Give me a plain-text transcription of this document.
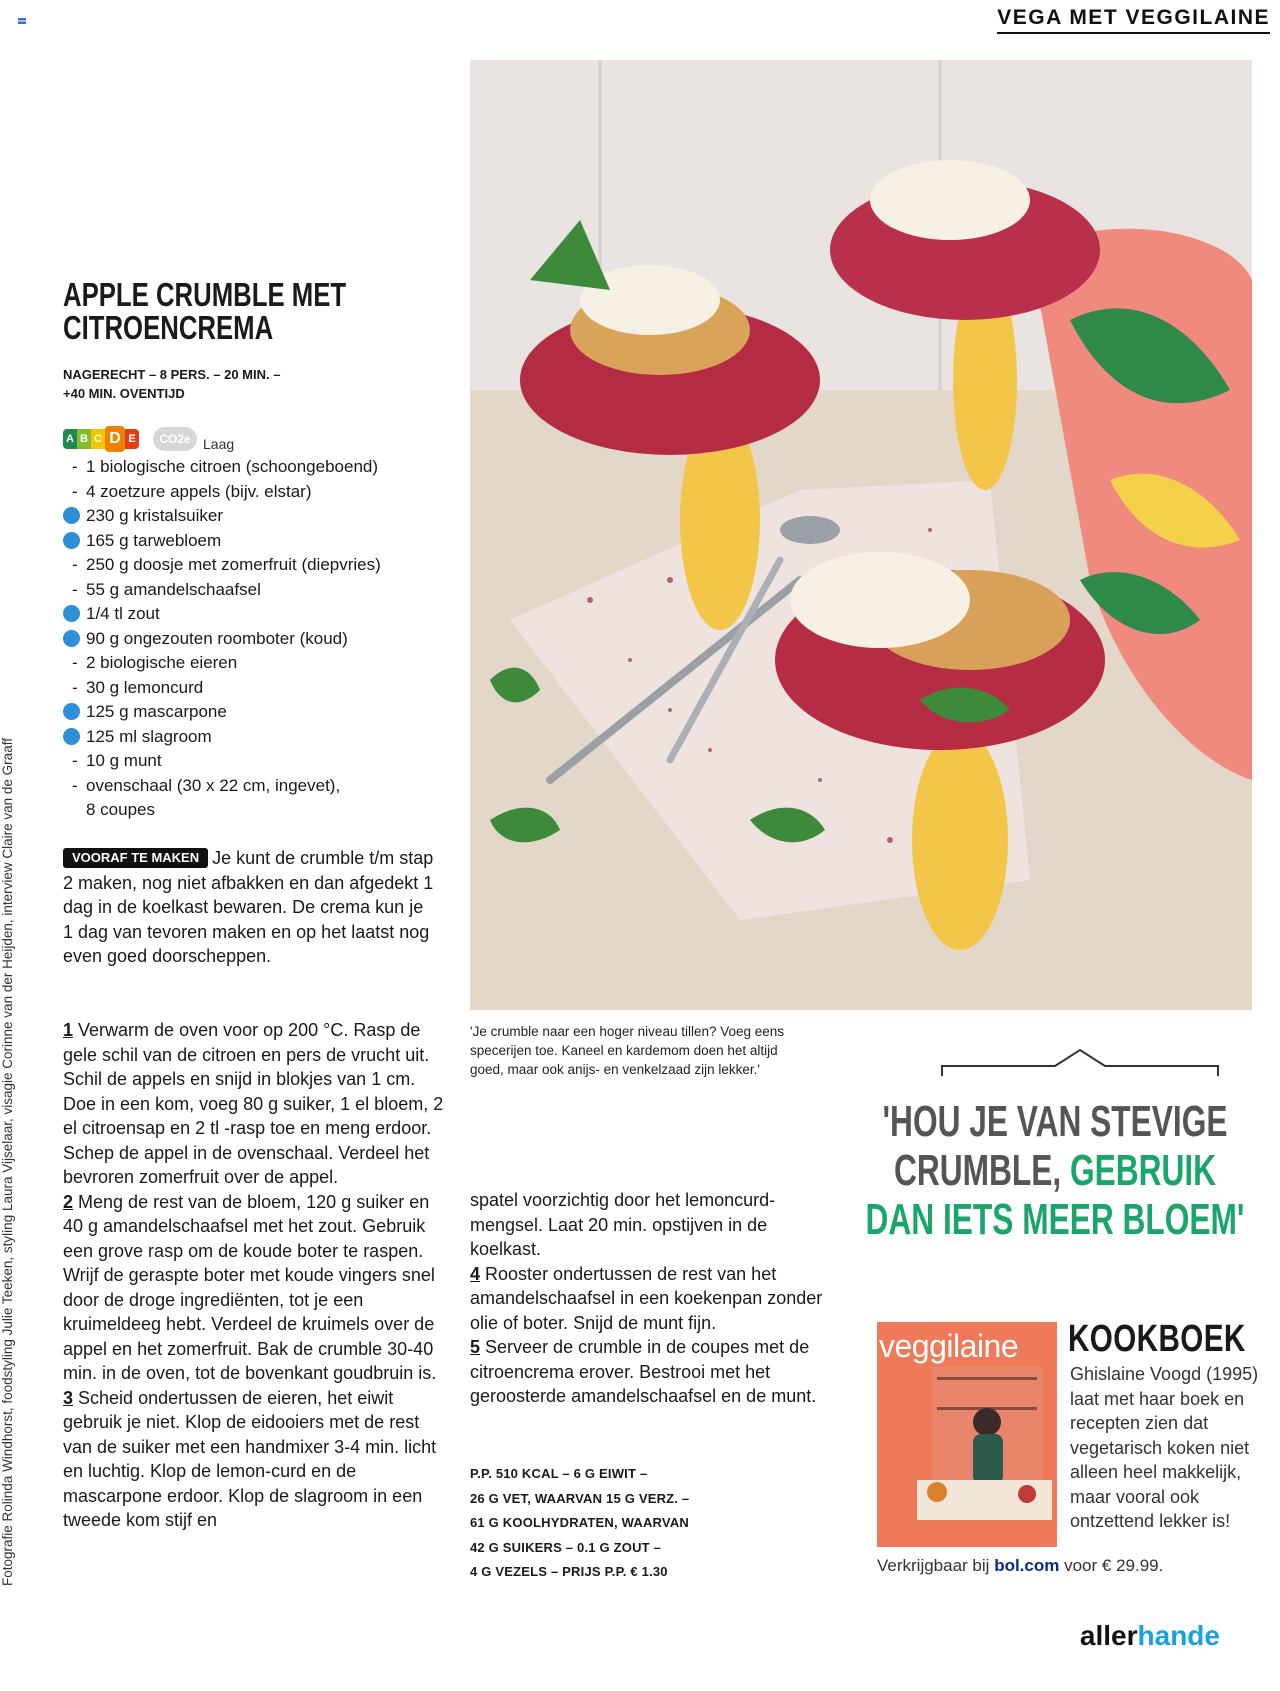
VEGA MET VEGGILAINE
Fotografie Rolinda Windhorst, foodstyling Julie Teeken, styling Laura Vijselaar, visagie Corinne van der Heijden, interview Claire van de Graaff
APPLE CRUMBLE MET
CITROENCREMA
NAGERECHT – 8 PERS. – 20 MIN. –
+40 MIN. OVENTIJD
A B C D E	CO2e Laag
- 1 biologische citroen (schoongeboend)
- 4 zoetzure appels (bijv. elstar)
230 g kristalsuiker
165 g tarwebloem
- 250 g doosje met zomerfruit (diepvries)
- 55 g amandelschaafsel
1/4 tl zout
90 g ongezouten roomboter (koud)
- 2 biologische eieren
- 30 g lemoncurd
125 g mascarpone
125 ml slagroom
- 10 g munt
- ovenschaal (30 x 22 cm, ingevet),
8 coupes
VOORAF TE MAKEN Je kunt de crumble t/m stap 2 maken, nog niet afbakken en dan afgedekt 1 dag in de koelkast bewaren. De crema kun je 1 dag van tevoren maken en op het laatst nog even goed doorscheppen.
1 Verwarm de oven voor op 200 °C. Rasp de gele schil van de citroen en pers de vrucht uit. Schil de appels en snijd in blokjes van 1 cm. Doe in een kom, voeg 80 g suiker, 1 el bloem, 2 el citroensap en 2 tl -rasp toe en meng erdoor. Schep de appel in de ovenschaal. Verdeel het bevroren zomerfruit over de appel.
2 Meng de rest van de bloem, 120 g suiker en 40 g amandelschaafsel met het zout. Gebruik een grove rasp om de koude boter te raspen. Wrijf de geraspte boter met koude vingers snel door de droge ingrediënten, tot je een kruimeldeeg hebt. Verdeel de kruimels over de appel en het zomerfruit. Bak de crumble 30-40 min. in de oven, tot de bovenkant goudbruin is.
3 Scheid ondertussen de eieren, het eiwit gebruik je niet. Klop de eidooiers met de rest van de suiker met een handmixer 3-4 min. licht en luchtig. Klop de lemon-curd en de mascarpone erdoor. Klop de slagroom in een tweede kom stijf en
'Je crumble naar een hoger niveau tillen? Voeg eens specerijen toe. Kaneel en kardemom doen het altijd goed, maar ook anijs- en venkelzaad zijn lekker.'
'HOU JE VAN STEVIGE CRUMBLE, GEBRUIK DAN IETS MEER BLOEM'
spatel voorzichtig door het lemoncurd-mengsel. Laat 20 min. opstijven in de koelkast.
4 Rooster ondertussen de rest van het amandelschaafsel in een koekenpan zonder olie of boter. Snijd de munt fijn.
5 Serveer de crumble in de coupes met de citroencrema erover. Bestrooi met het geroosterde amandelschaafsel en de munt.
P.P. 510 KCAL – 6 G EIWIT –
26 G VET, WAARVAN 15 G VERZ. –
61 G KOOLHYDRATEN, WAARVAN
42 G SUIKERS – 0.1 G ZOUT –
4 G VEZELS – PRIJS P.P. € 1.30
veggilaine KOOKBOEK
Ghislaine Voogd (1995) laat met haar boek en recepten zien dat vegetarisch koken niet alleen heel makkelijk, maar vooral ook ontzettend lekker is!
Verkrijgbaar bij bol.com voor € 29.99.
allerhande
